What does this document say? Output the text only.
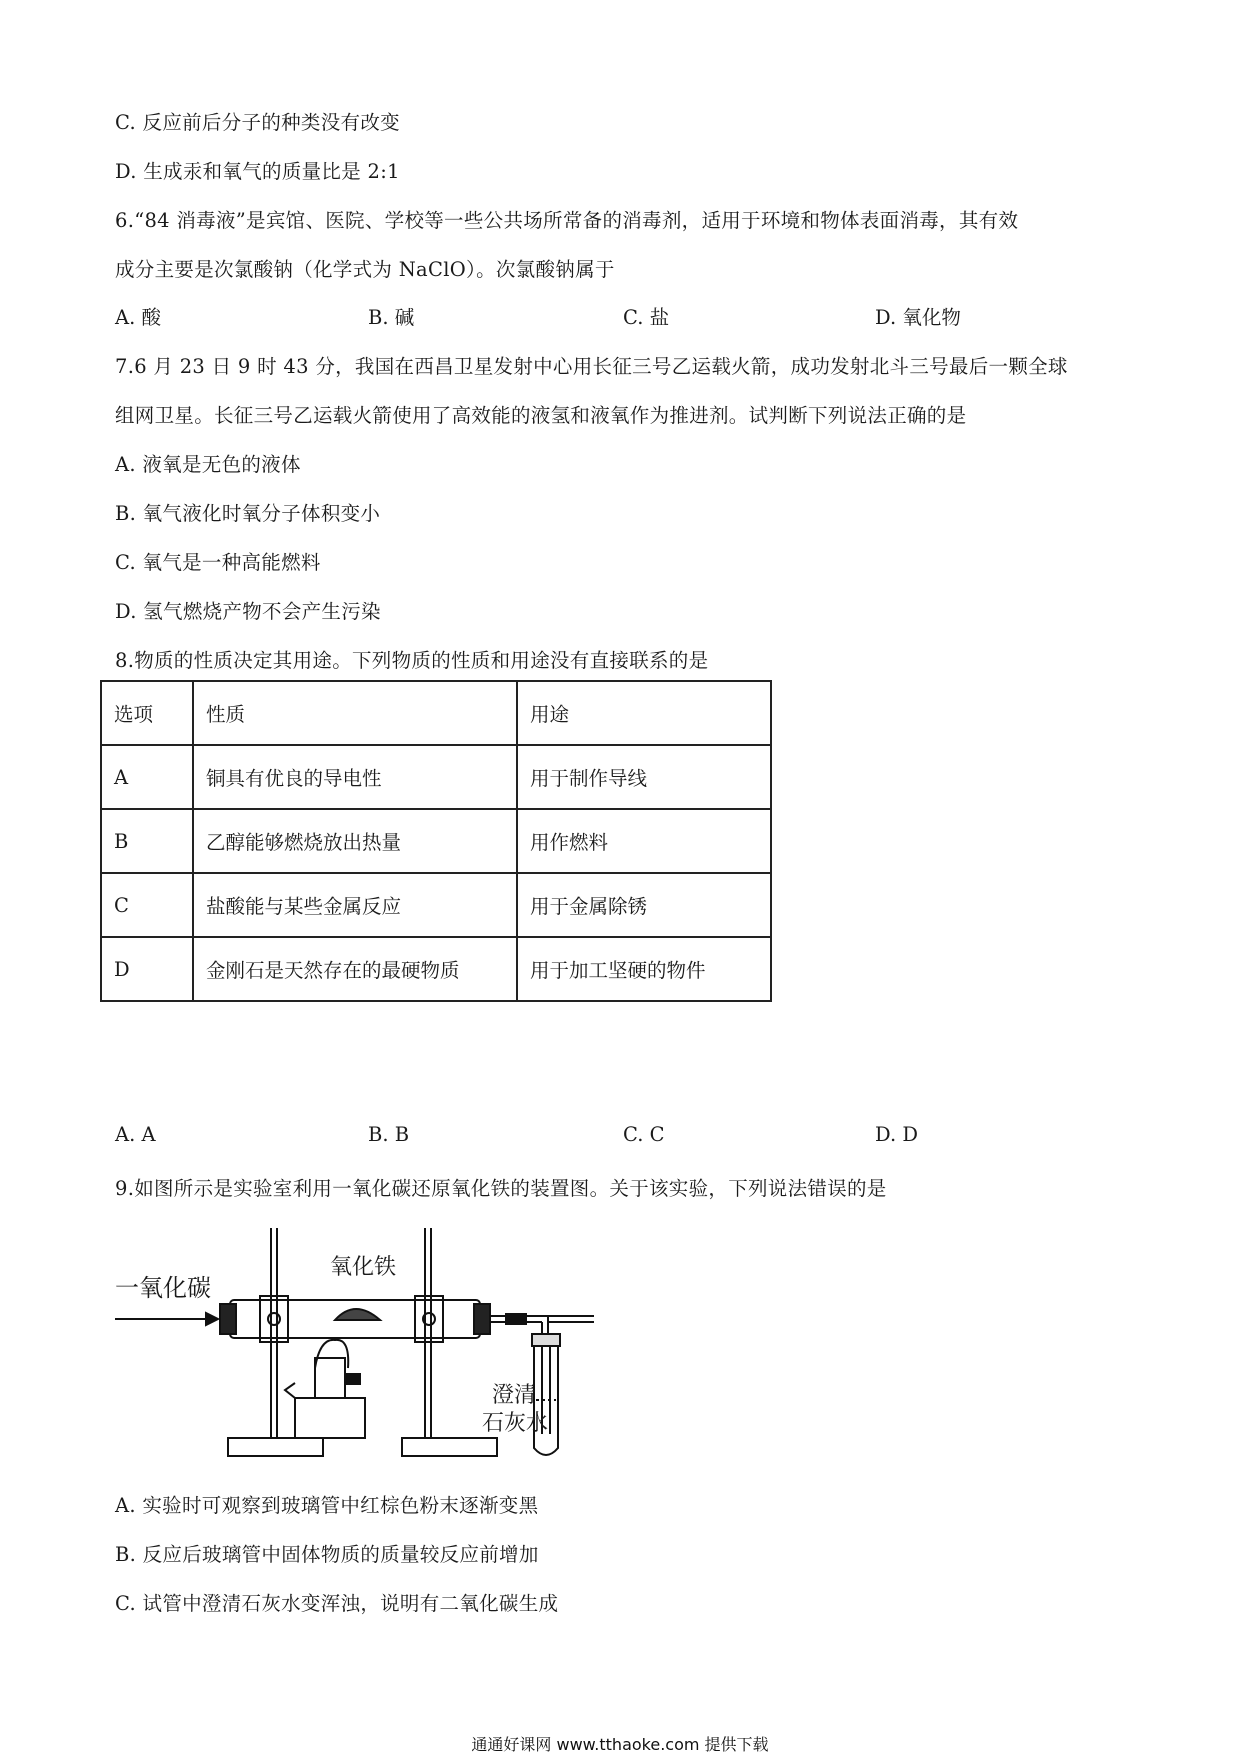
C. 反应前后分子的种类没有改变
D. 生成汞和氧气的质量比是 2:1
6.“84 消毒液”是宾馆、医院、学校等一些公共场所常备的消毒剂，适用于环境和物体表面消毒，其有效
成分主要是次氯酸钠（化学式为 NaClO）。次氯酸钠属于
A. 酸	B. 碱	C. 盐	D. 氧化物
7.6 月 23 日 9 时 43 分，我国在西昌卫星发射中心用长征三号乙运载火箭，成功发射北斗三号最后一颗全球
组网卫星。长征三号乙运载火箭使用了高效能的液氢和液氧作为推进剂。试判断下列说法正确的是
A. 液氧是无色的液体
B. 氧气液化时氧分子体积变小
C. 氧气是一种高能燃料
D. 氢气燃烧产物不会产生污染
8.物质的性质决定其用途。下列物质的性质和用途没有直接联系的是
选项	性质	用途
A	铜具有优良的导电性	用于制作导线
B	乙醇能够燃烧放出热量	用作燃料
C	盐酸能与某些金属反应	用于金属除锈
D	金刚石是天然存在的最硬物质	用于加工坚硬的物件
A. A	B. B	C. C	D. D
9.如图所示是实验室利用一氧化碳还原氧化铁的装置图。关于该实验，下列说法错误的是
一氧化碳
氧化铁
澄清
石灰水
A. 实验时可观察到玻璃管中红棕色粉末逐渐变黑
B. 反应后玻璃管中固体物质的质量较反应前增加
C. 试管中澄清石灰水变浑浊，说明有二氧化碳生成
通通好课网 www.tthaoke.com 提供下载
